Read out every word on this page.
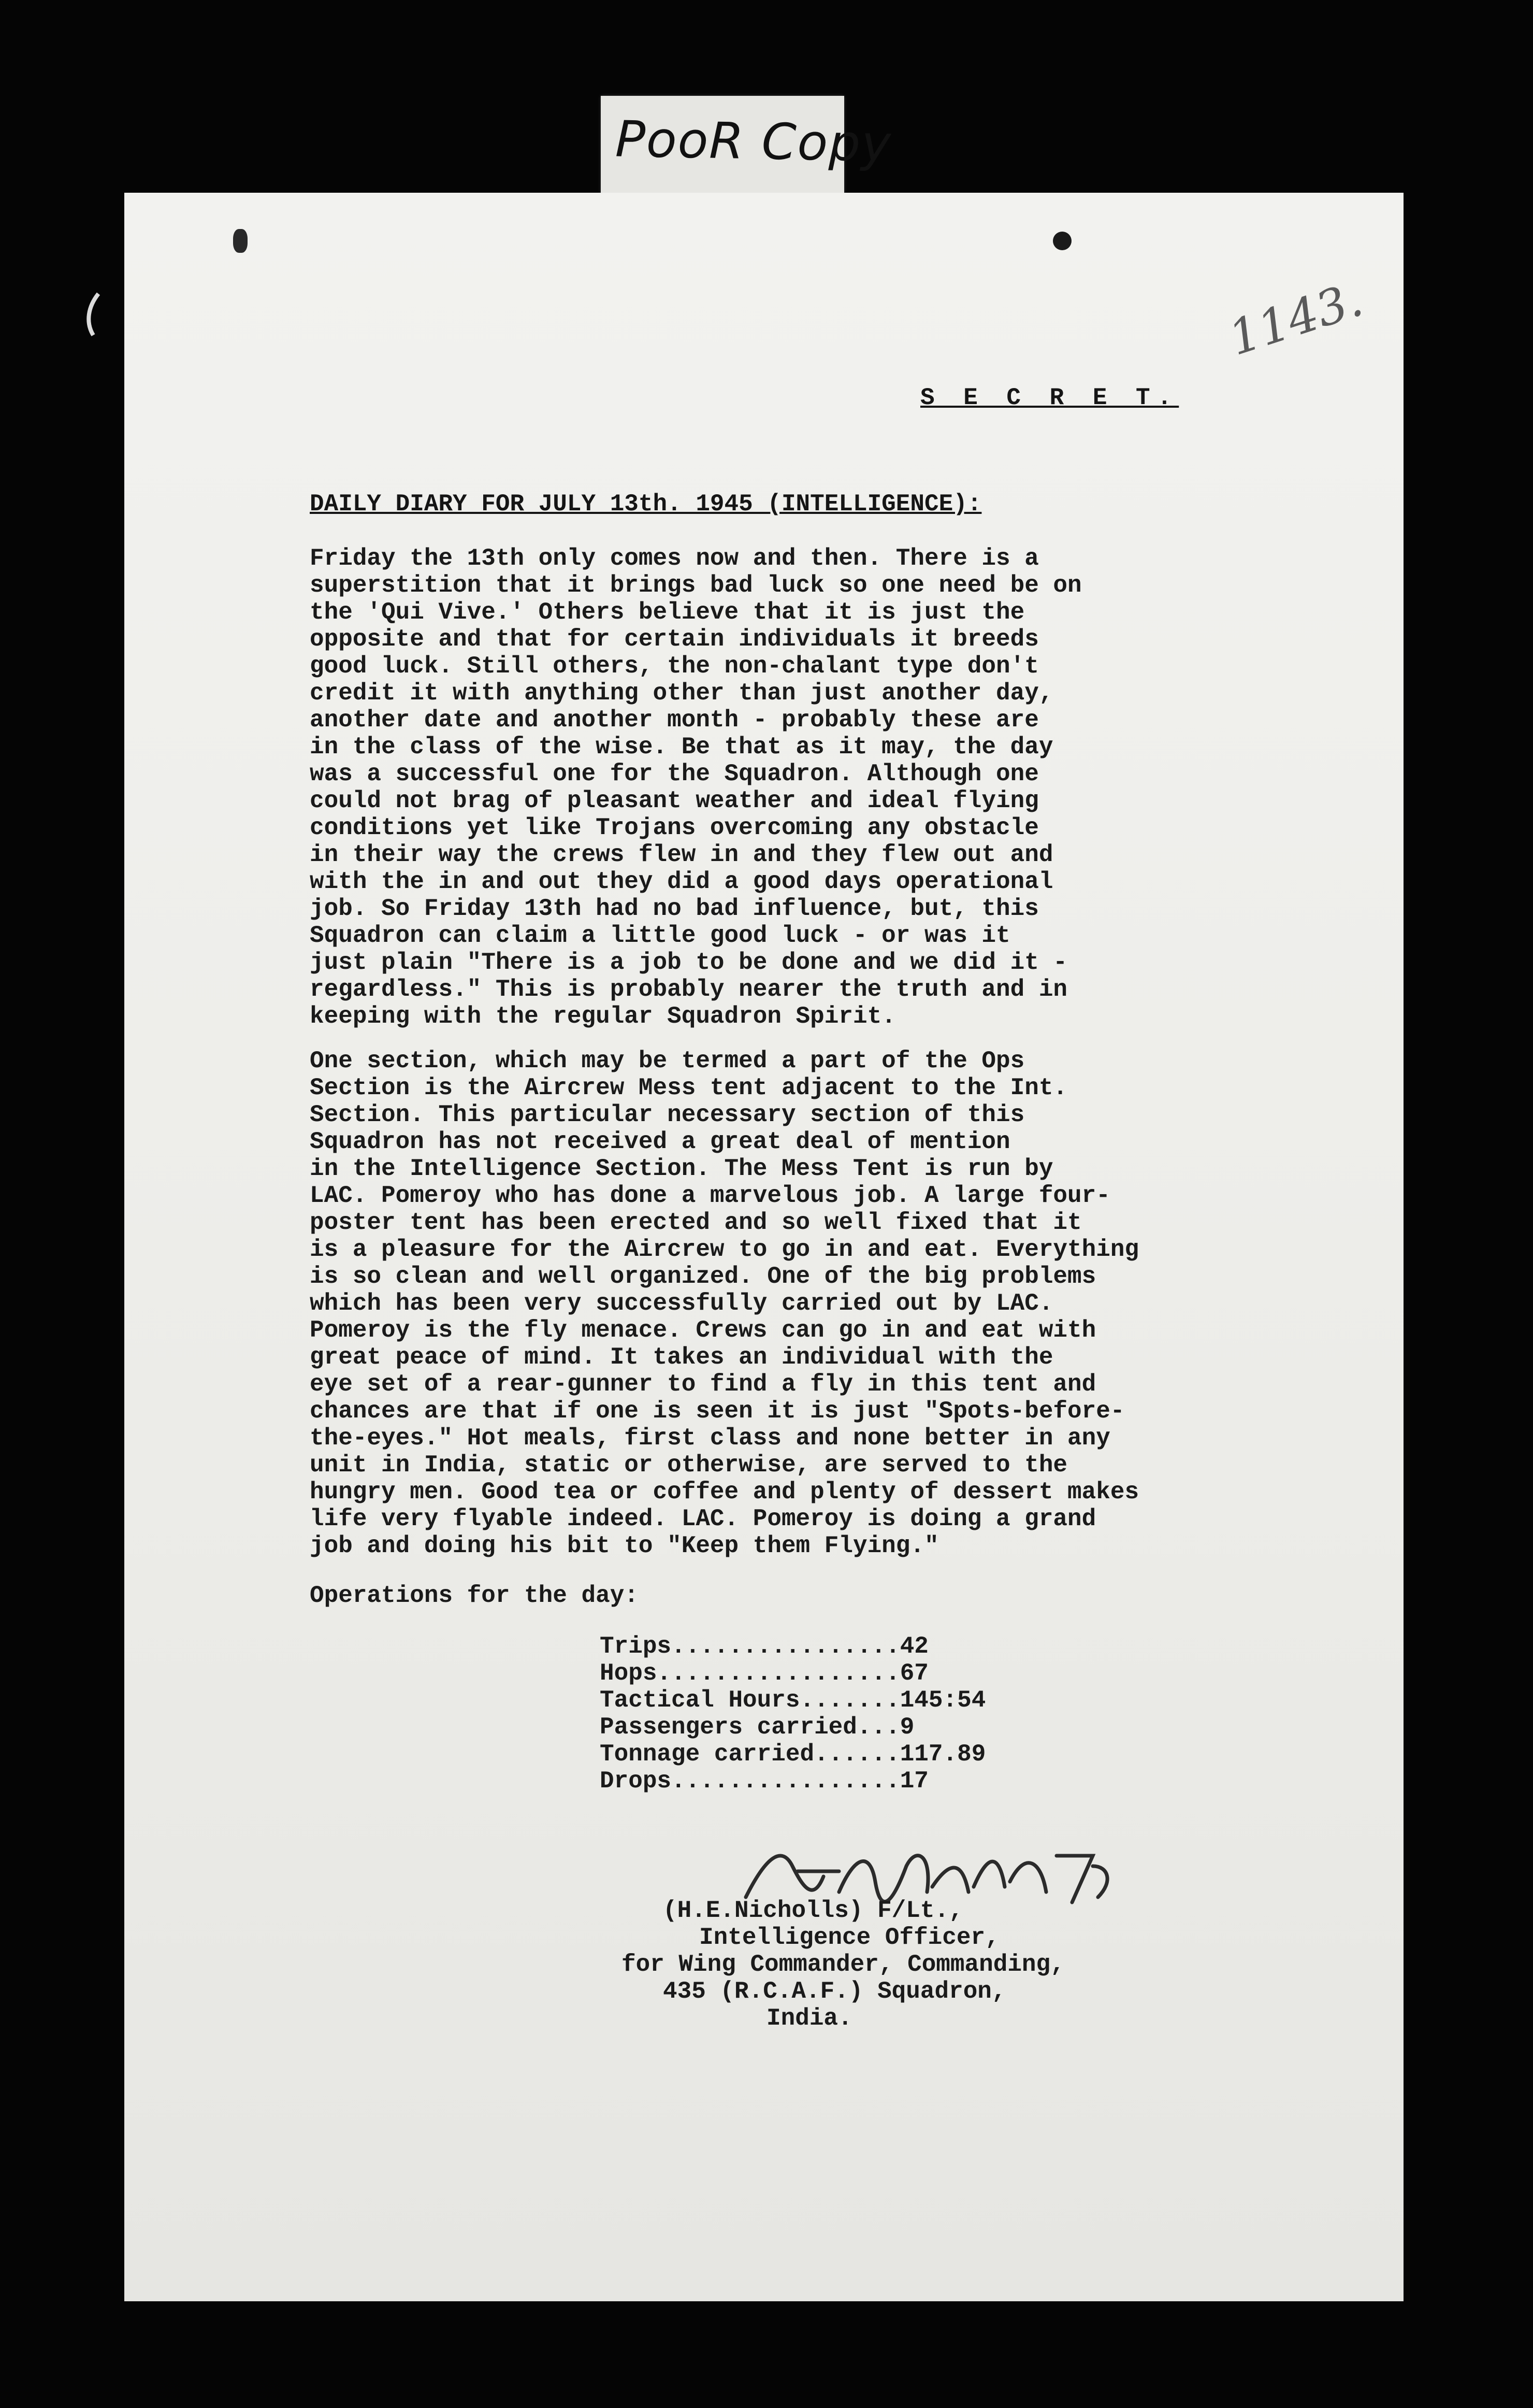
PooR Copy
1143.
S E C R E T.
DAILY DIARY FOR JULY 13th. 1945 (INTELLIGENCE):
Friday the 13th only comes now and then. There is a
superstition that it brings bad luck so one need be on
the 'Qui Vive.' Others believe that it is just the
opposite and that for certain individuals it breeds
good luck. Still others, the non-chalant type don't
credit it with anything other than just another day,
another date and another month - probably these are
in the class of the wise. Be that as it may, the day
was a successful one for the Squadron. Although one
could not brag of pleasant weather and ideal flying
conditions yet like Trojans overcoming any obstacle
in their way the crews flew in and they flew out and
with the in and out they did a good days operational
job. So Friday 13th had no bad influence, but, this
Squadron can claim a little good luck - or was it
just plain "There is a job to be done and we did it -
regardless." This is probably nearer the truth and in
keeping with the regular Squadron Spirit.
One section, which may be termed a part of the Ops
Section is the Aircrew Mess tent adjacent to the Int.
Section. This particular necessary section of this
Squadron has not received a great deal of mention
in the Intelligence Section. The Mess Tent is run by
LAC. Pomeroy who has done a marvelous job. A large four-
poster tent has been erected and so well fixed that it
is a pleasure for the Aircrew to go in and eat. Everything
is so clean and well organized. One of the big problems
which has been very successfully carried out by LAC.
Pomeroy is the fly menace. Crews can go in and eat with
great peace of mind. It takes an individual with the
eye set of a rear-gunner to find a fly in this tent and
chances are that if one is seen it is just "Spots-before-
the-eyes." Hot meals, first class and none better in any
unit in India, static or otherwise, are served to the
hungry men. Good tea or coffee and plenty of dessert makes
life very flyable indeed. LAC. Pomeroy is doing a grand
job and doing his bit to "Keep them Flying."
Operations for the day:
Trips................42
Hops.................67
Tactical Hours.......145:54
Passengers carried...9
Tonnage carried......117.89
Drops................17
(H.E.Nicholls) F/Lt.,
Intelligence Officer,
for Wing Commander, Commanding,
435 (R.C.A.F.) Squadron,
India.
